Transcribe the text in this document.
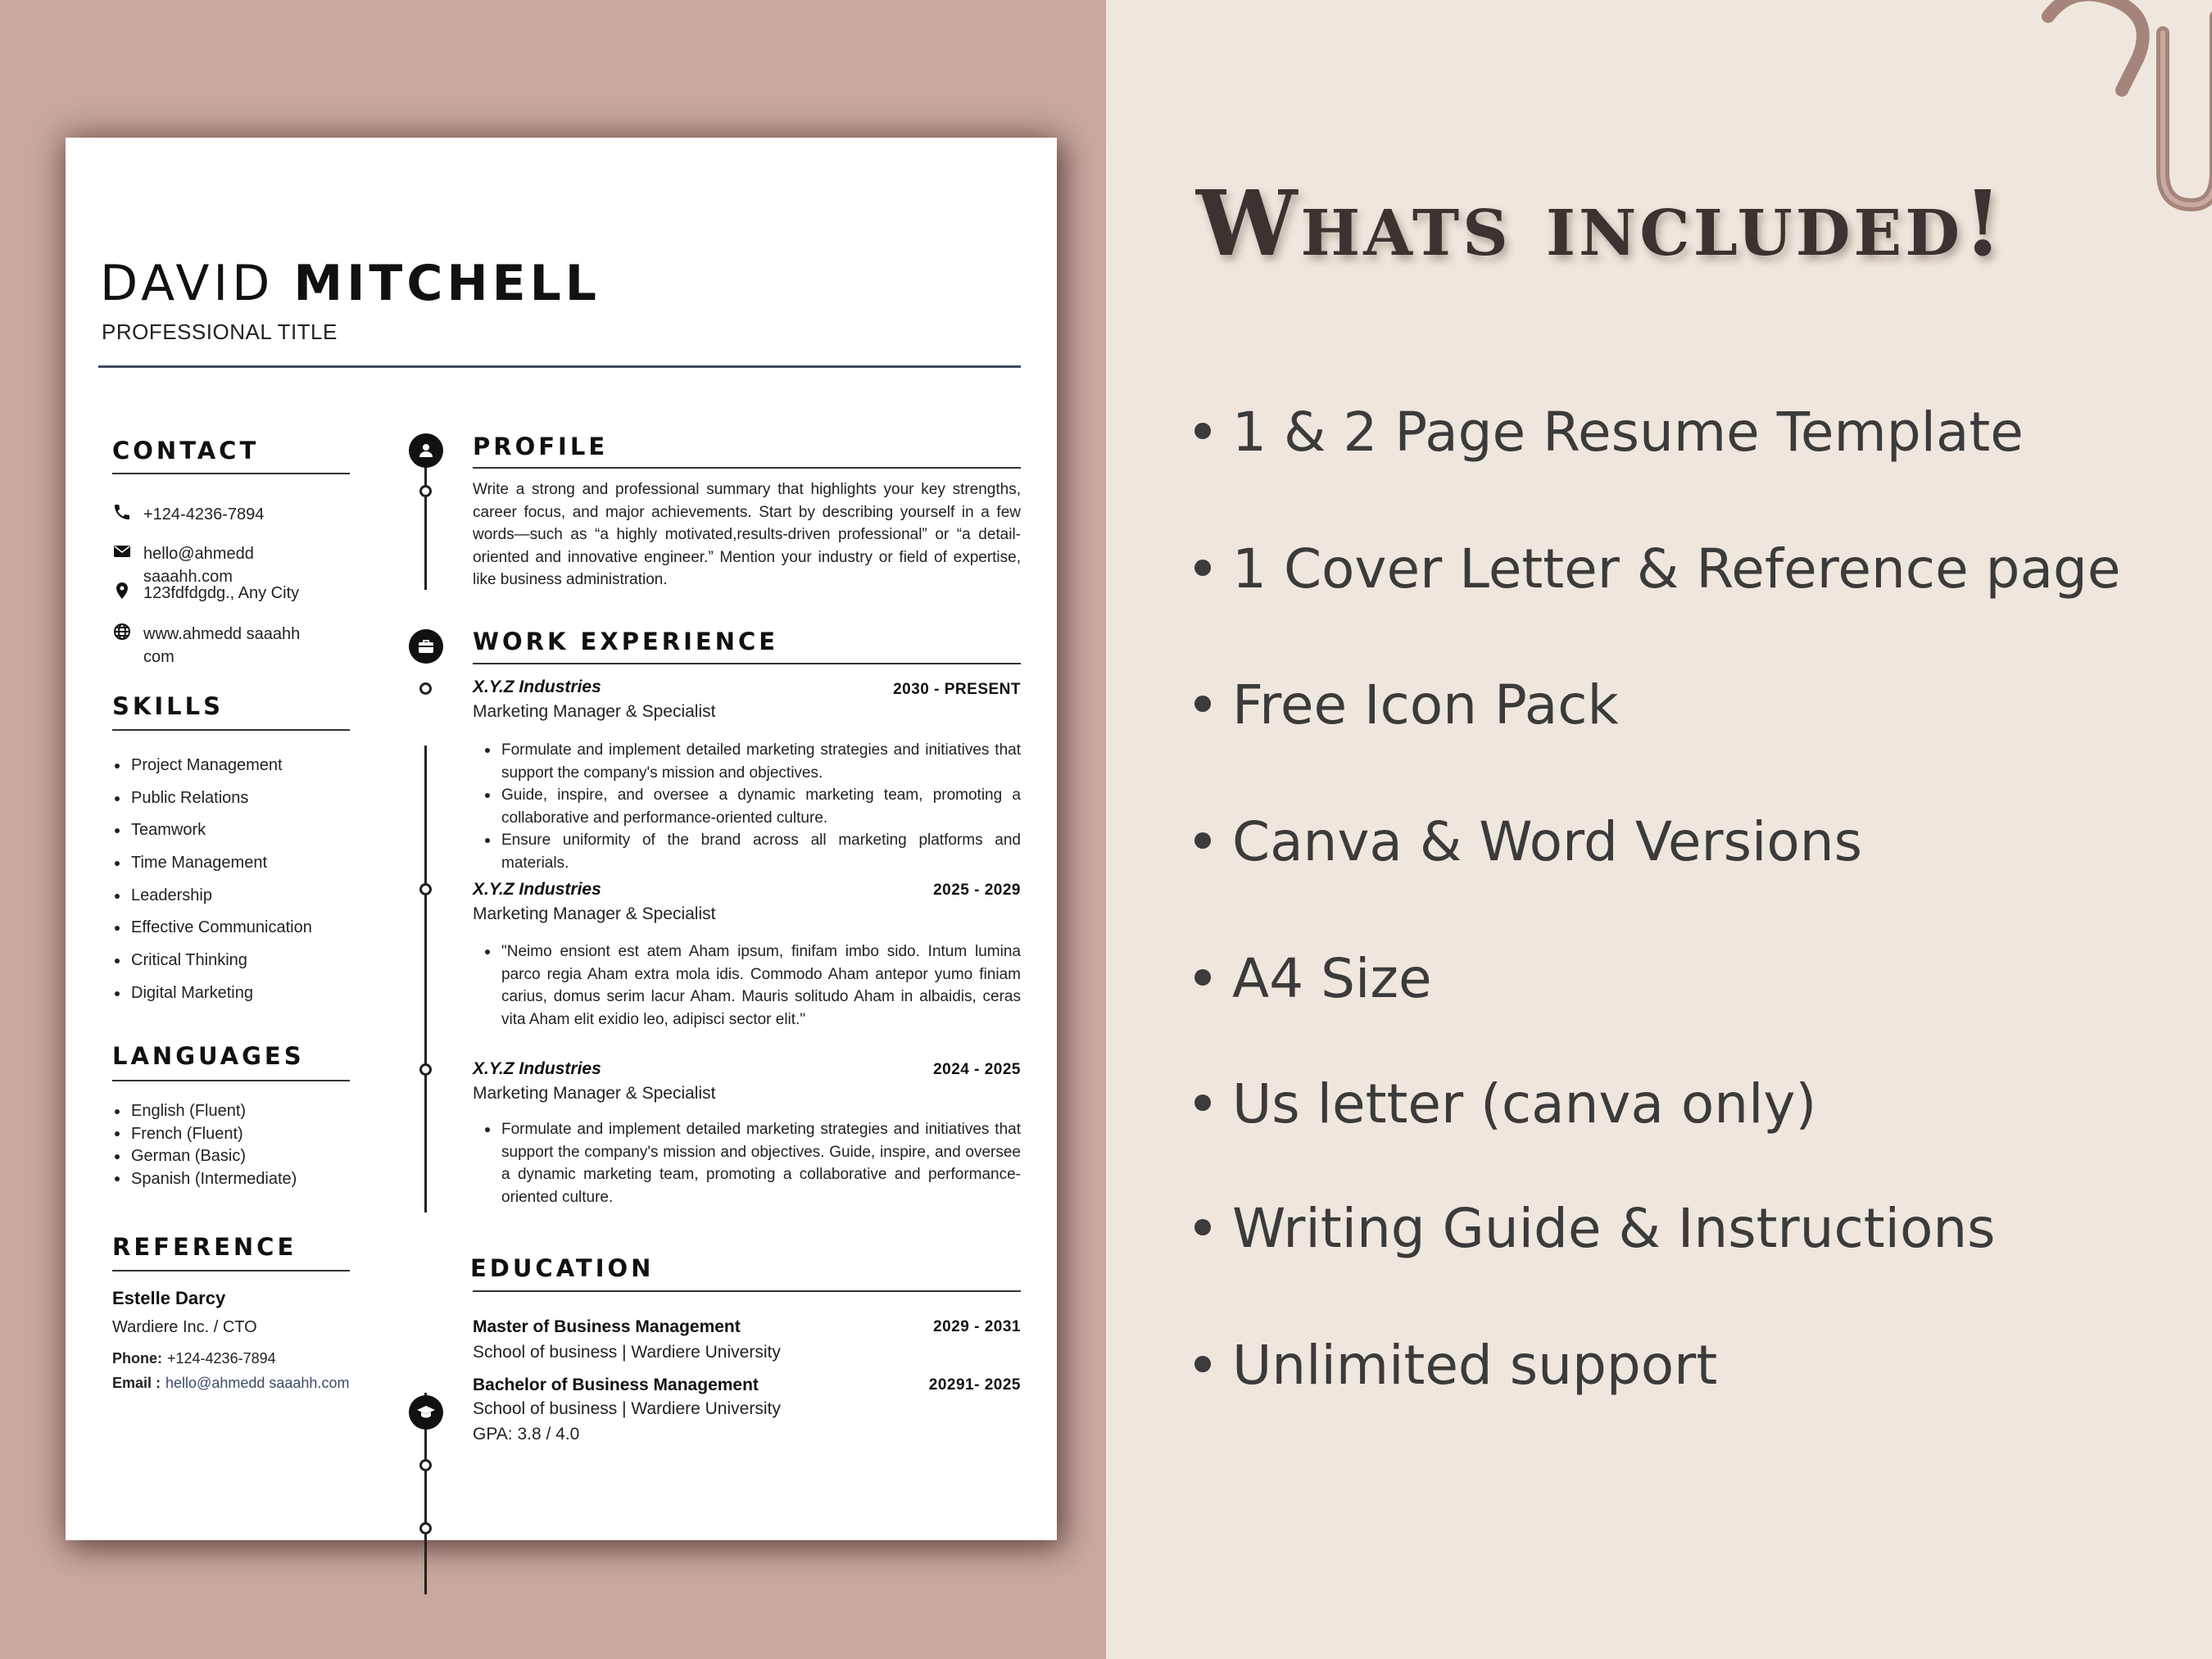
DAVID MITCHELL
PROFESSIONAL TITLE
CONTACT
+124-4236-7894
hello@ahmedd saaahh.com
123fdfdgdg., Any City
www.ahmedd saaahh com
SKILLS
Project Management
Public Relations
Teamwork
Time Management
Leadership
Effective Communication
Critical Thinking
Digital Marketing
LANGUAGES
English (Fluent)
French (Fluent)
German (Basic)
Spanish (Intermediate)
REFERENCE
Estelle Darcy
Wardiere Inc. / CTO
Phone: +124-4236-7894
Email : hello@ahmedd saaahh.com
PROFILE
Write a strong and professional summary that highlights your key strengths, career focus, and major achievements. Start by describing yourself in a few words—such as “a highly motivated,results-driven professional” or “a detail-oriented and innovative engineer.” Mention your industry or field of expertise, like business administration.
WORK EXPERIENCE
X.Y.Z Industries	2030 - PRESENT
Marketing Manager & Specialist
Formulate and implement detailed marketing strategies and initiatives that support the company's mission and objectives.
Guide, inspire, and oversee a dynamic marketing team, promoting a collaborative and performance-oriented culture.
Ensure uniformity of the brand across all marketing platforms and materials.
X.Y.Z Industries	2025 - 2029
Marketing Manager & Specialist
"Neimo ensiont est atem Aham ipsum, finifam imbo sido. Intum lumina parco regia Aham extra mola idis. Commodo Aham antepor yumo finiam carius, domus serim lacur Aham. Mauris solitudo Aham in albaidis, ceras vita Aham elit exidio leo, adipisci sector elit."
X.Y.Z Industries	2024 - 2025
Marketing Manager & Specialist
Formulate and implement detailed marketing strategies and initiatives that support the company's mission and objectives. Guide, inspire, and oversee a dynamic marketing team, promoting a collaborative and performance-oriented culture.
EDUCATION
Master of Business Management	2029 - 2031
School of business | Wardiere University
Bachelor of Business Management	20291- 2025
School of business | Wardiere University
GPA: 3.8 / 4.0
Whats included!
1 & 2 Page Resume Template
1 Cover Letter & Reference page
Free Icon Pack
Canva & Word Versions
A4 Size
Us letter (canva only)
Writing Guide & Instructions
Unlimited support
